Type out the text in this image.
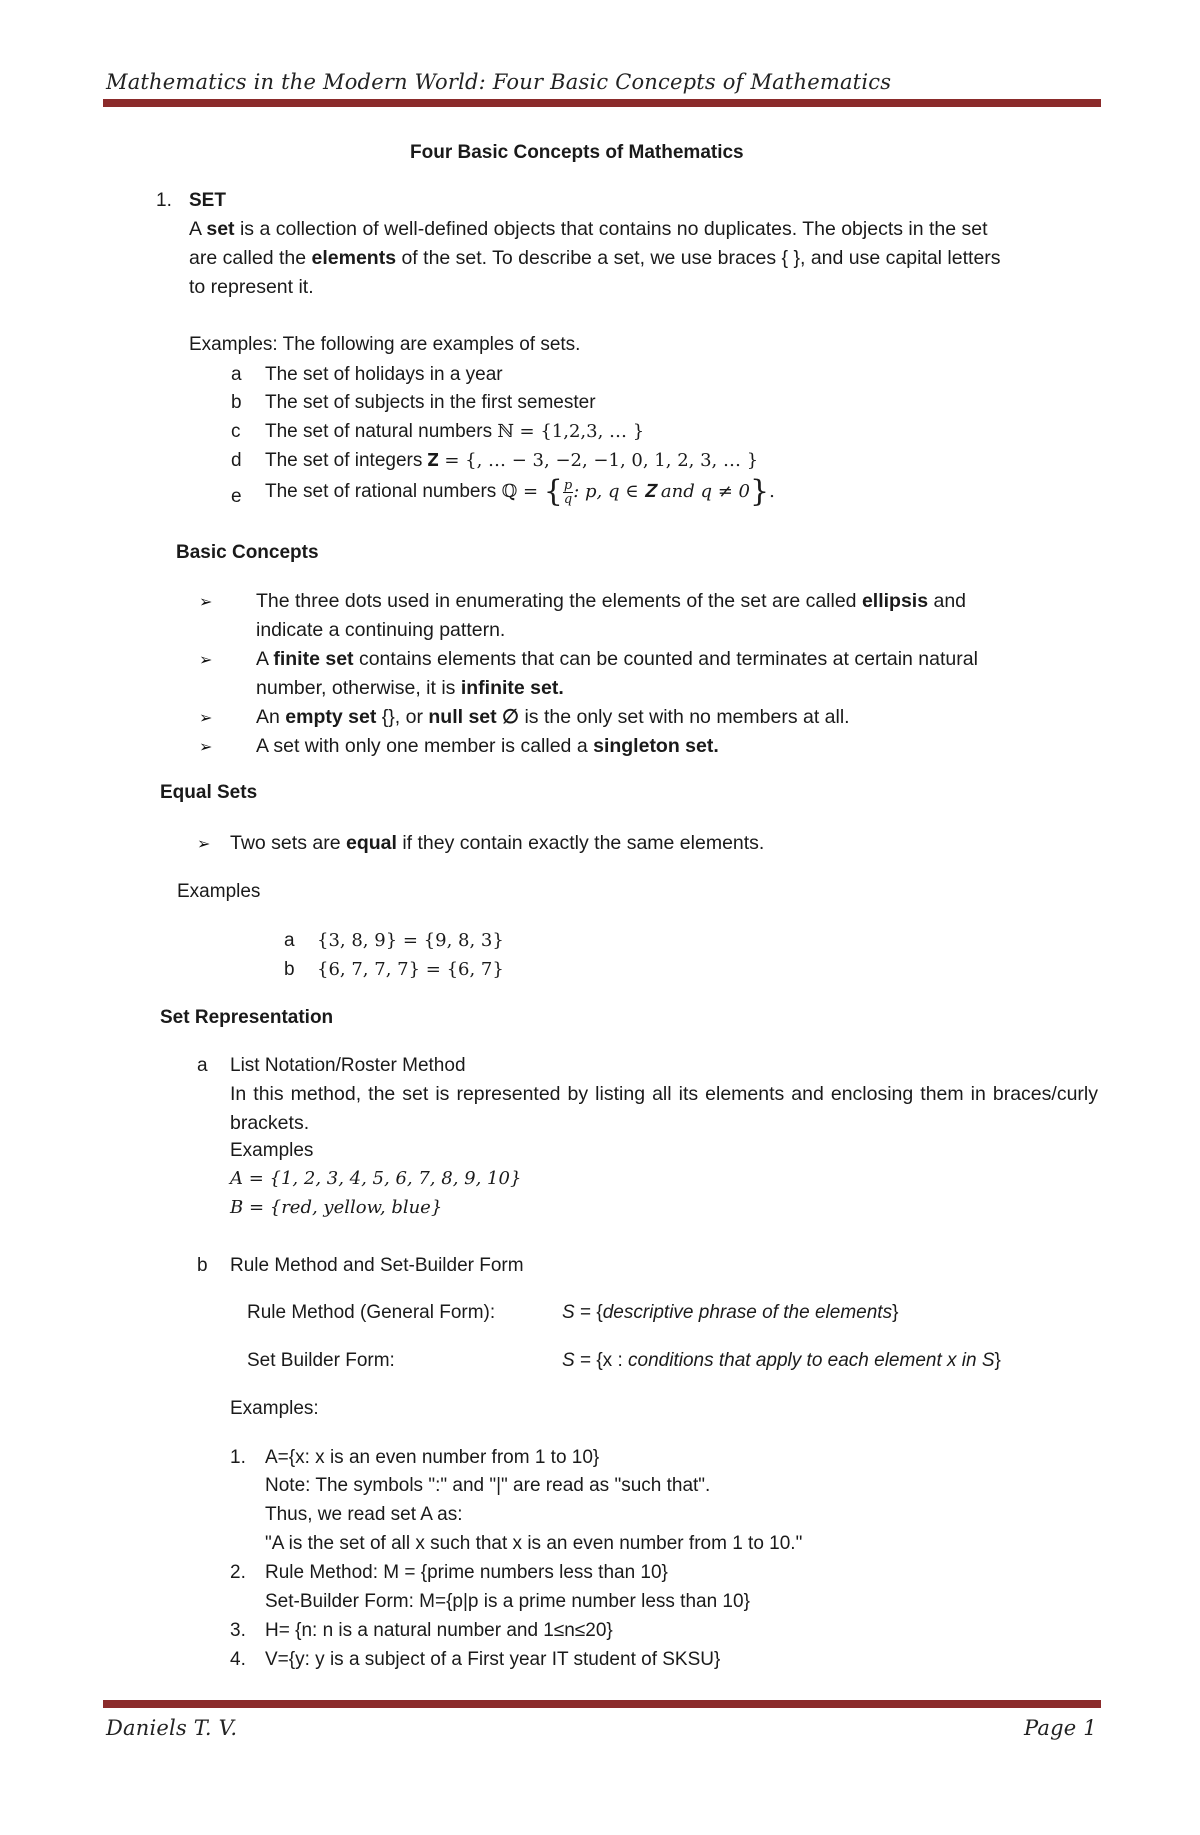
Mathematics in the Modern World: Four Basic Concepts of Mathematics
Four Basic Concepts of Mathematics
1. SET
A set is a collection of well-defined objects that contains no duplicates. The objects in the set
are called the elements of the set. To describe a set, we use braces { }, and use capital letters
to represent it.
Examples: The following are examples of sets.
a The set of holidays in a year
b The set of subjects in the first semester
c The set of natural numbers ℕ = {1,2,3, … }
d The set of integers 𝐙 = {, … − 3, −2, −1, 0, 1, 2, 3, … }
e The set of rational numbers ℚ = { $\frac{p}{q}$ : p, q ∈ 𝐙 and q ≠ 0}.
Basic Concepts
➢ The three dots used in enumerating the elements of the set are called ellipsis and
indicate a continuing pattern.
➢ A finite set contains elements that can be counted and terminates at certain natural
number, otherwise, it is infinite set.
➢ An empty set {}, or null set ∅ is the only set with no members at all.
➢ A set with only one member is called a singleton set.
Equal Sets
➢ Two sets are equal if they contain exactly the same elements.
Examples
a {3, 8, 9} = {9, 8, 3}
b {6, 7, 7, 7} = {6, 7}
Set Representation
a List Notation/Roster Method
In this method, the set is represented by listing all its elements and enclosing them in braces/curly brackets.
Examples
A = {1, 2, 3, 4, 5, 6, 7, 8, 9, 10}
B = {red, yellow, blue}
b Rule Method and Set-Builder Form
Rule Method (General Form):	S = {descriptive phrase of the elements}
Set Builder Form:	S = {x : conditions that apply to each element x in S}
Examples:
1. A={x: x is an even number from 1 to 10}
Note: The symbols ":" and "|" are read as "such that".
Thus, we read set A as:
"A is the set of all x such that x is an even number from 1 to 10."
2. Rule Method: M = {prime numbers less than 10}
Set-Builder Form: M={p|p is a prime number less than 10}
3. H= {n: n is a natural number and 1≤n≤20}
4. V={y: y is a subject of a First year IT student of SKSU}
Daniels T. V.	Page 1
